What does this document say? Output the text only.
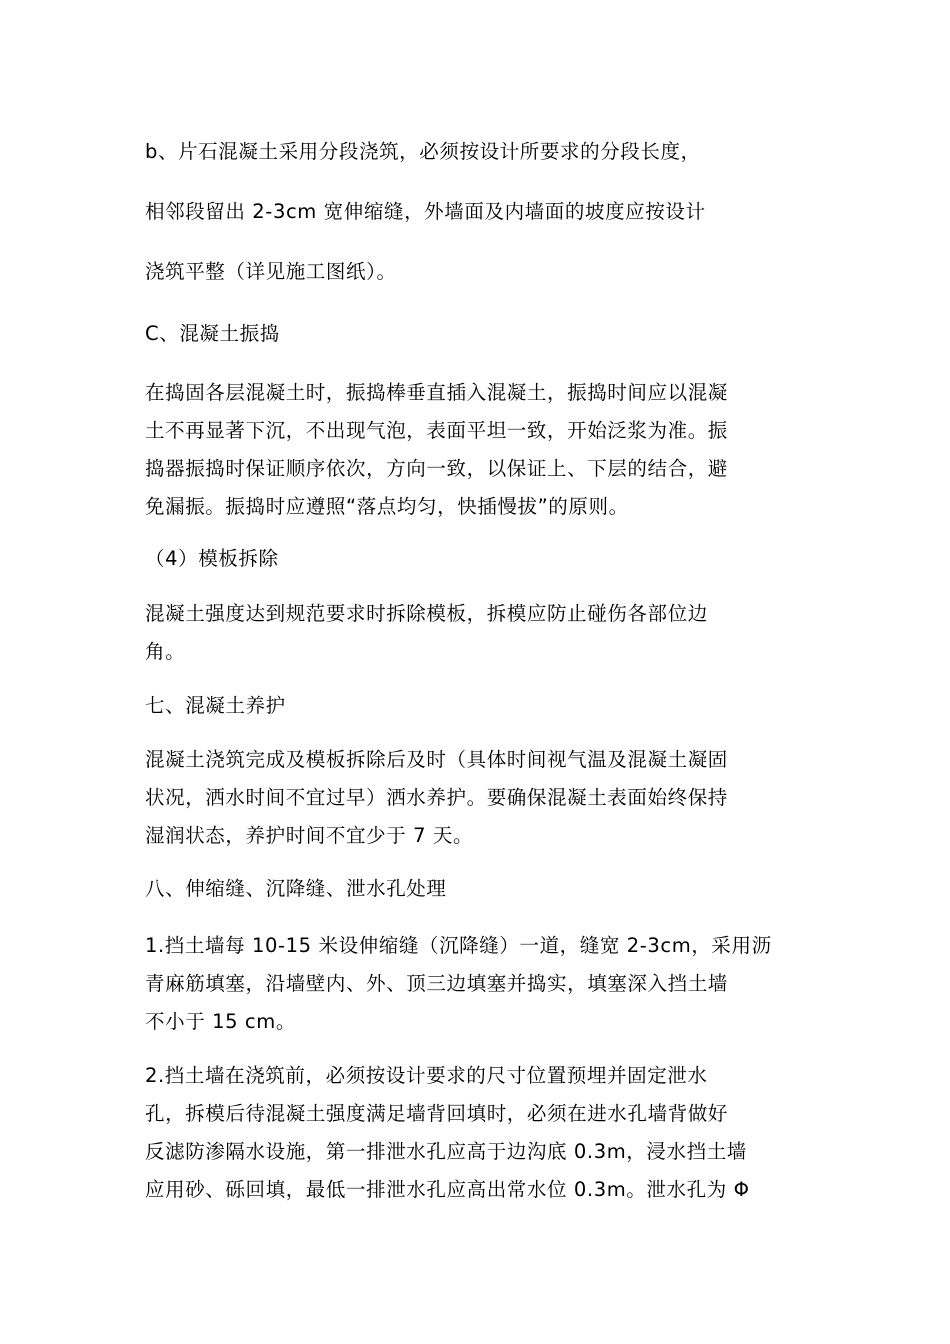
b、片石混凝土采用分段浇筑，必须按设计所要求的分段长度，
相邻段留出 2-3cm 宽伸缩缝，外墙面及内墙面的坡度应按设计
浇筑平整（详见施工图纸）。
C、混凝土振捣
在捣固各层混凝土时，振捣棒垂直插入混凝土，振捣时间应以混凝
土不再显著下沉，不出现气泡，表面平坦一致，开始泛浆为准。振
捣器振捣时保证顺序依次，方向一致，以保证上、下层的结合，避
免漏振。振捣时应遵照“落点均匀，快插慢拔”的原则。
（4）模板拆除
混凝土强度达到规范要求时拆除模板，拆模应防止碰伤各部位边
角。
七、混凝土养护
混凝土浇筑完成及模板拆除后及时（具体时间视气温及混凝土凝固
状况，洒水时间不宜过早）洒水养护。要确保混凝土表面始终保持
湿润状态，养护时间不宜少于 7 天。
八、伸缩缝、沉降缝、泄水孔处理
1.挡土墙每 10-15 米设伸缩缝（沉降缝）一道，缝宽 2-3cm，采用沥
青麻筋填塞，沿墙壁内、外、顶三边填塞并捣实，填塞深入挡土墙
不小于 15 cm。
2.挡土墙在浇筑前，必须按设计要求的尺寸位置预埋并固定泄水
孔，拆模后待混凝土强度满足墙背回填时，必须在进水孔墙背做好
反滤防渗隔水设施，第一排泄水孔应高于边沟底 0.3m，浸水挡土墙
应用砂、砾回填，最低一排泄水孔应高出常水位 0.3m。泄水孔为 Φ
